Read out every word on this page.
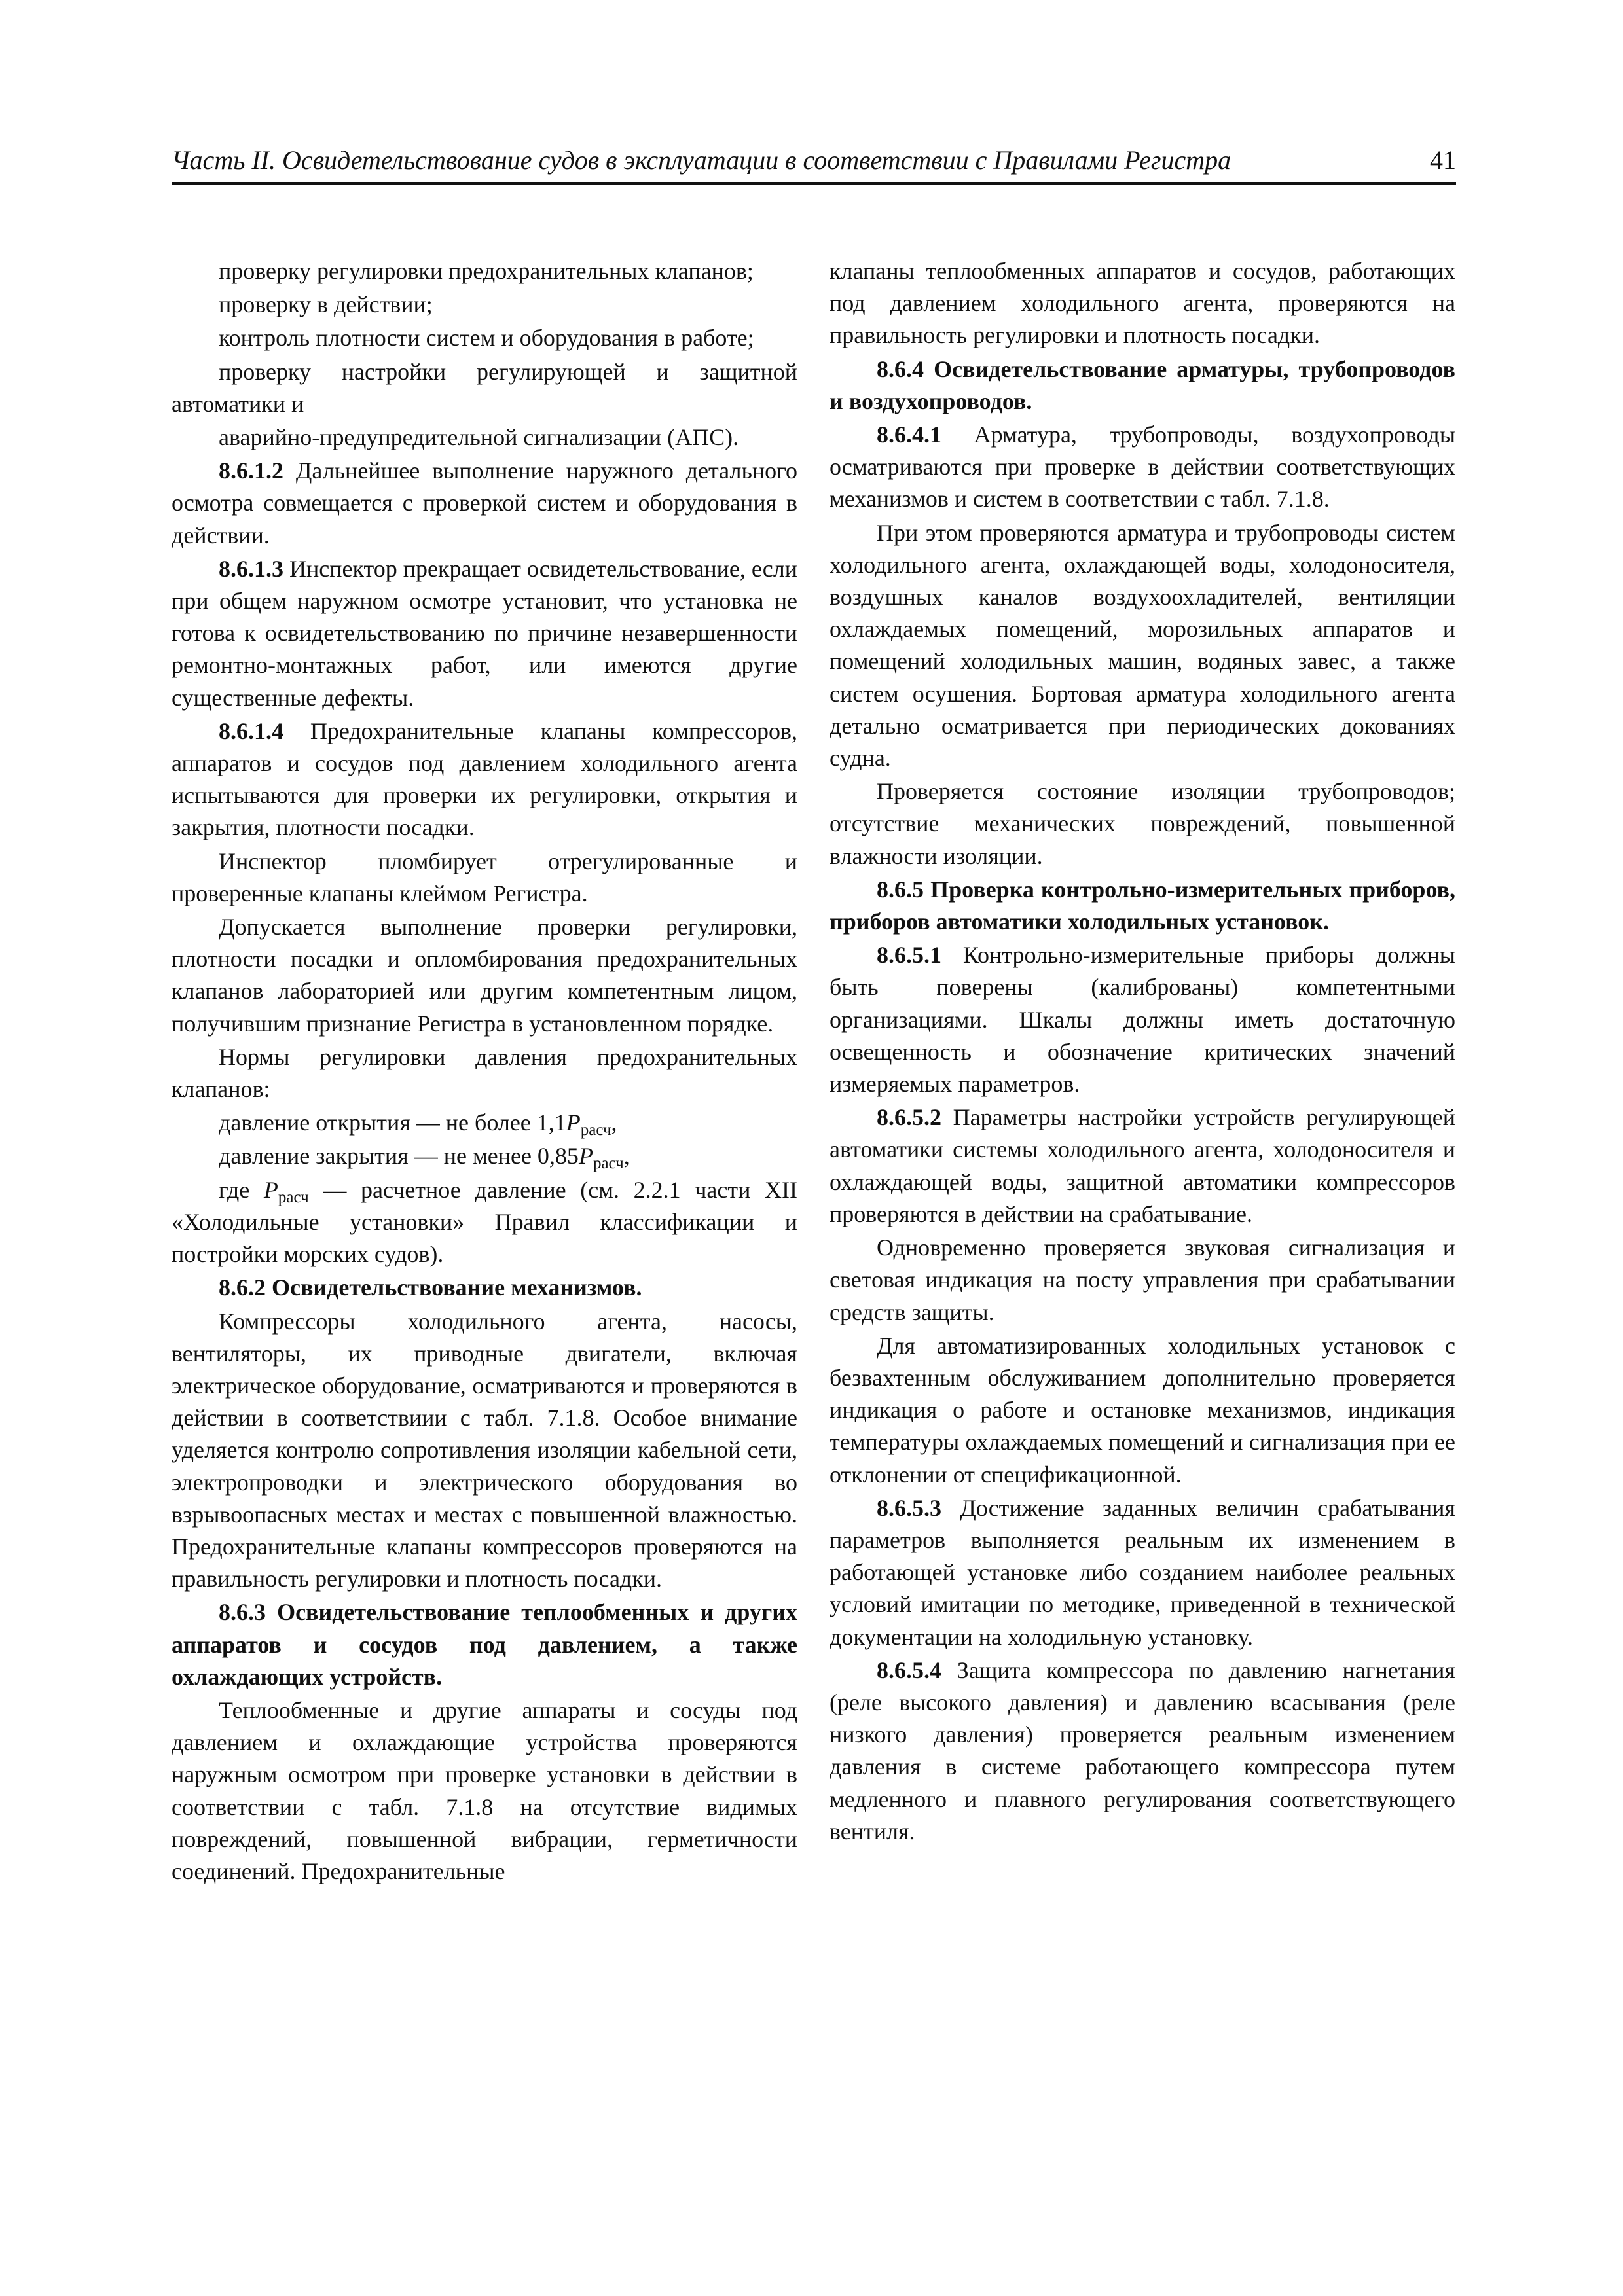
Часть II. Освидетельствование судов в эксплуатации в соответствии с Правилами Регистра	41

проверку регулировки предохранительных клапанов;

проверку в действии;

контроль плотности систем и оборудования в работе;

проверку настройки регулирующей и защитной автоматики и

аварийно-предупредительной сигнализации (АПС).

8.6.1.2 Дальнейшее выполнение наружного детального осмотра совмещается с проверкой систем и оборудования в действии.

8.6.1.3 Инспектор прекращает освидетельствование, если при общем наружном осмотре установит, что установка не готова к освидетельствованию по причине незавершенности ремонтно-монтажных работ, или имеются другие существенные дефекты.

8.6.1.4 Предохранительные клапаны компрессоров, аппаратов и сосудов под давлением холодильного агента испытываются для проверки их регулировки, открытия и закрытия, плотности посадки.

Инспектор пломбирует отрегулированные и проверенные клапаны клеймом Регистра.

Допускается выполнение проверки регулировки, плотности посадки и опломбирования предохранительных клапанов лабораторией или другим компетентным лицом, получившим признание Регистра в установленном порядке.

Нормы регулировки давления предохранительных клапанов:

давление открытия — не более $1,1P_{расч}$,

давление закрытия — не менее $0,85P_{расч}$,

где $P_{расч}$ — расчетное давление (см. 2.2.1 части XII «Холодильные установки» Правил классификации и постройки морских судов).

8.6.2 Освидетельствование механизмов.

Компрессоры холодильного агента, насосы, вентиляторы, их приводные двигатели, включая электрическое оборудование, осматриваются и проверяются в действии в соответствиии с табл. 7.1.8. Особое внимание уделяется контролю сопротивления изоляции кабельной сети, электропроводки и электрического оборудования во взрывоопасных местах и местах с повышенной влажностью. Предохранительные клапаны компрессоров проверяются на правильность регулировки и плотность посадки.

8.6.3 Освидетельствование теплообменных и других аппаратов и сосудов под давлением, а также охлаждающих устройств.

Теплообменные и другие аппараты и сосуды под давлением и охлаждающие устройства проверяются наружным осмотром при проверке установки в действии в соответствии с табл. 7.1.8 на отсутствие видимых повреждений, повышенной вибрации, герметичности соединений. Предохранительные

клапаны теплообменных аппаратов и сосудов, работающих под давлением холодильного агента, проверяются на правильность регулировки и плотность посадки.

8.6.4 Освидетельствование арматуры, трубопроводов и воздухопроводов.

8.6.4.1 Арматура, трубопроводы, воздухопроводы осматриваются при проверке в действии соответствующих механизмов и систем в соответствии с табл. 7.1.8.

При этом проверяются арматура и трубопроводы систем холодильного агента, охлаждающей воды, холодоносителя, воздушных каналов воздухоохладителей, вентиляции охлаждаемых помещений, морозильных аппаратов и помещений холодильных машин, водяных завес, а также систем осушения. Бортовая арматура холодильного агента детально осматривается при периодических докованиях судна.

Проверяется состояние изоляции трубопроводов; отсутствие механических повреждений, повышенной влажности изоляции.

8.6.5 Проверка контрольно-измерительных приборов, приборов автоматики холодильных установок.

8.6.5.1 Контрольно-измерительные приборы должны быть поверены (калиброваны) компетентными организациями. Шкалы должны иметь достаточную освещенность и обозначение критических значений измеряемых параметров.

8.6.5.2 Параметры настройки устройств регулирующей автоматики системы холодильного агента, холодоносителя и охлаждающей воды, защитной автоматики компрессоров проверяются в действии на срабатывание.

Одновременно проверяется звуковая сигнализация и световая индикация на посту управления при срабатывании средств защиты.

Для автоматизированных холодильных установок с безвахтенным обслуживанием дополнительно проверяется индикация о работе и остановке механизмов, индикация температуры охлаждаемых помещений и сигнализация при ее отклонении от спецификационной.

8.6.5.3 Достижение заданных величин срабатывания параметров выполняется реальным их изменением в работающей установке либо созданием наиболее реальных условий имитации по методике, приведенной в технической документации на холодильную установку.

8.6.5.4 Защита компрессора по давлению нагнетания (реле высокого давления) и давлению всасывания (реле низкого давления) проверяется реальным изменением давления в системе работающего компрессора путем медленного и плавного регулирования соответствующего вентиля.
